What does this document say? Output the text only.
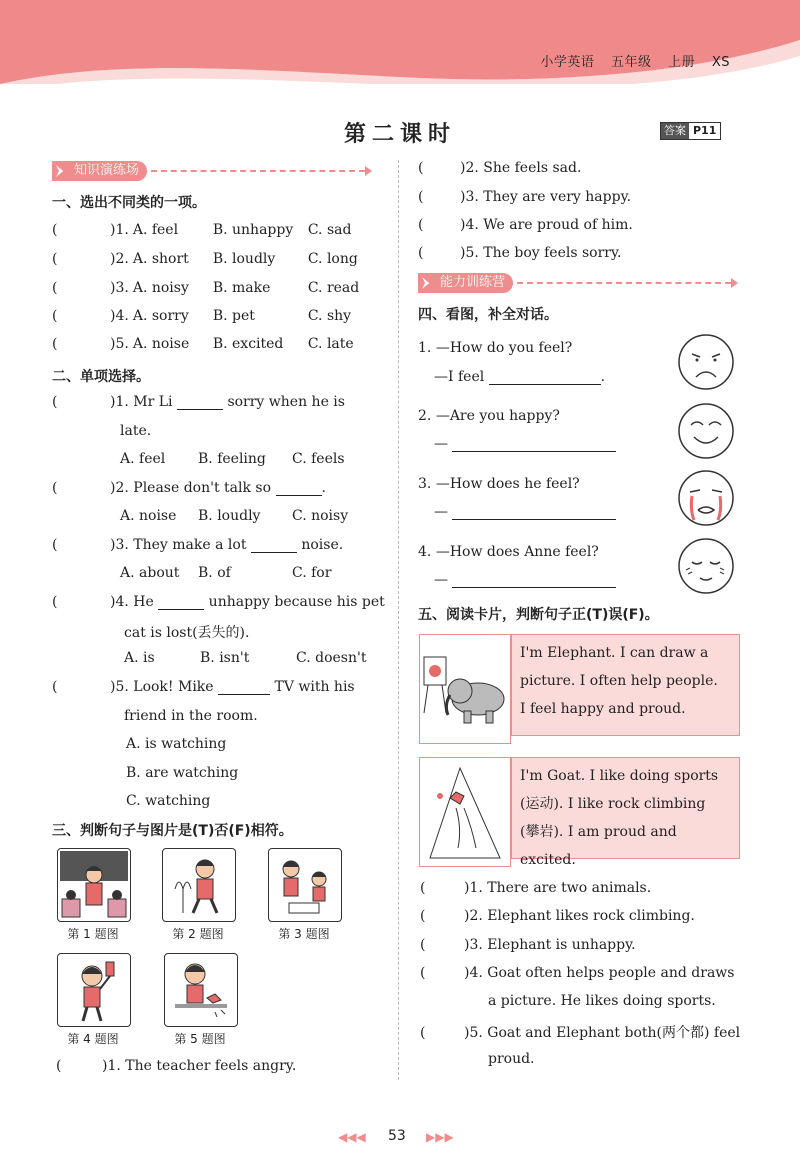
小学英语 五年级 上册 XS
第二课时	答案 P11
知识演练场
一、选出不同类的一项。
(	)1. A. feel B. unhappy C. sad
(	)2. A. short B. loudly C. long
(	)3. A. noisy B. make	C. read
(	)4. A. sorry B. pet	C. shy
(	)5. A. noise B. excited C. late
二、单项选择。
(	)1. Mr Li	sorry when he is
late.
A. feel B. feeling C. feels
(	)2. Please don't talk so	.
A. noise B. loudly C. noisy
(	)3. They make a lot	noise.
A. about B. of	C. for
(	)4. He	unhappy because his pet
cat is lost(丢失的).
A. is	B. isn't	C. doesn't
(	)5. Look! Mike	TV with his
friend in the room.
A. is watching
B. are watching
C. watching
三、判断句子与图片是(T)否(F)相符。
第 1 题图	第 2 题图	第 3 题图
第 4 题图	第 5 题图
(	)1. The teacher feels angry.
(	)2. She feels sad.
(	)3. They are very happy.
(	)4. We are proud of him.
(	)5. The boy feels sorry.
能力训练营
四、看图，补全对话。
1. —How do you feel?
—I feel	.
2. —Are you happy?
—
3. —How does he feel?
—
4. —How does Anne feel?
—
五、阅读卡片，判断句子正(T)误(F)。
I'm Elephant. I can draw a
picture. I often help people.
I feel happy and proud.
I'm Goat. I like doing sports
(运动). I like rock climbing
(攀岩). I am proud and excited.
(	)1. There are two animals.
(	)2. Elephant likes rock climbing.
(	)3. Elephant is unhappy.
(	)4. Goat often helps people and draws
a picture. He likes doing sports.
(	)5. Goat and Elephant both(两个都) feel
proud.
◀◀◀ 53 ▶▶▶
